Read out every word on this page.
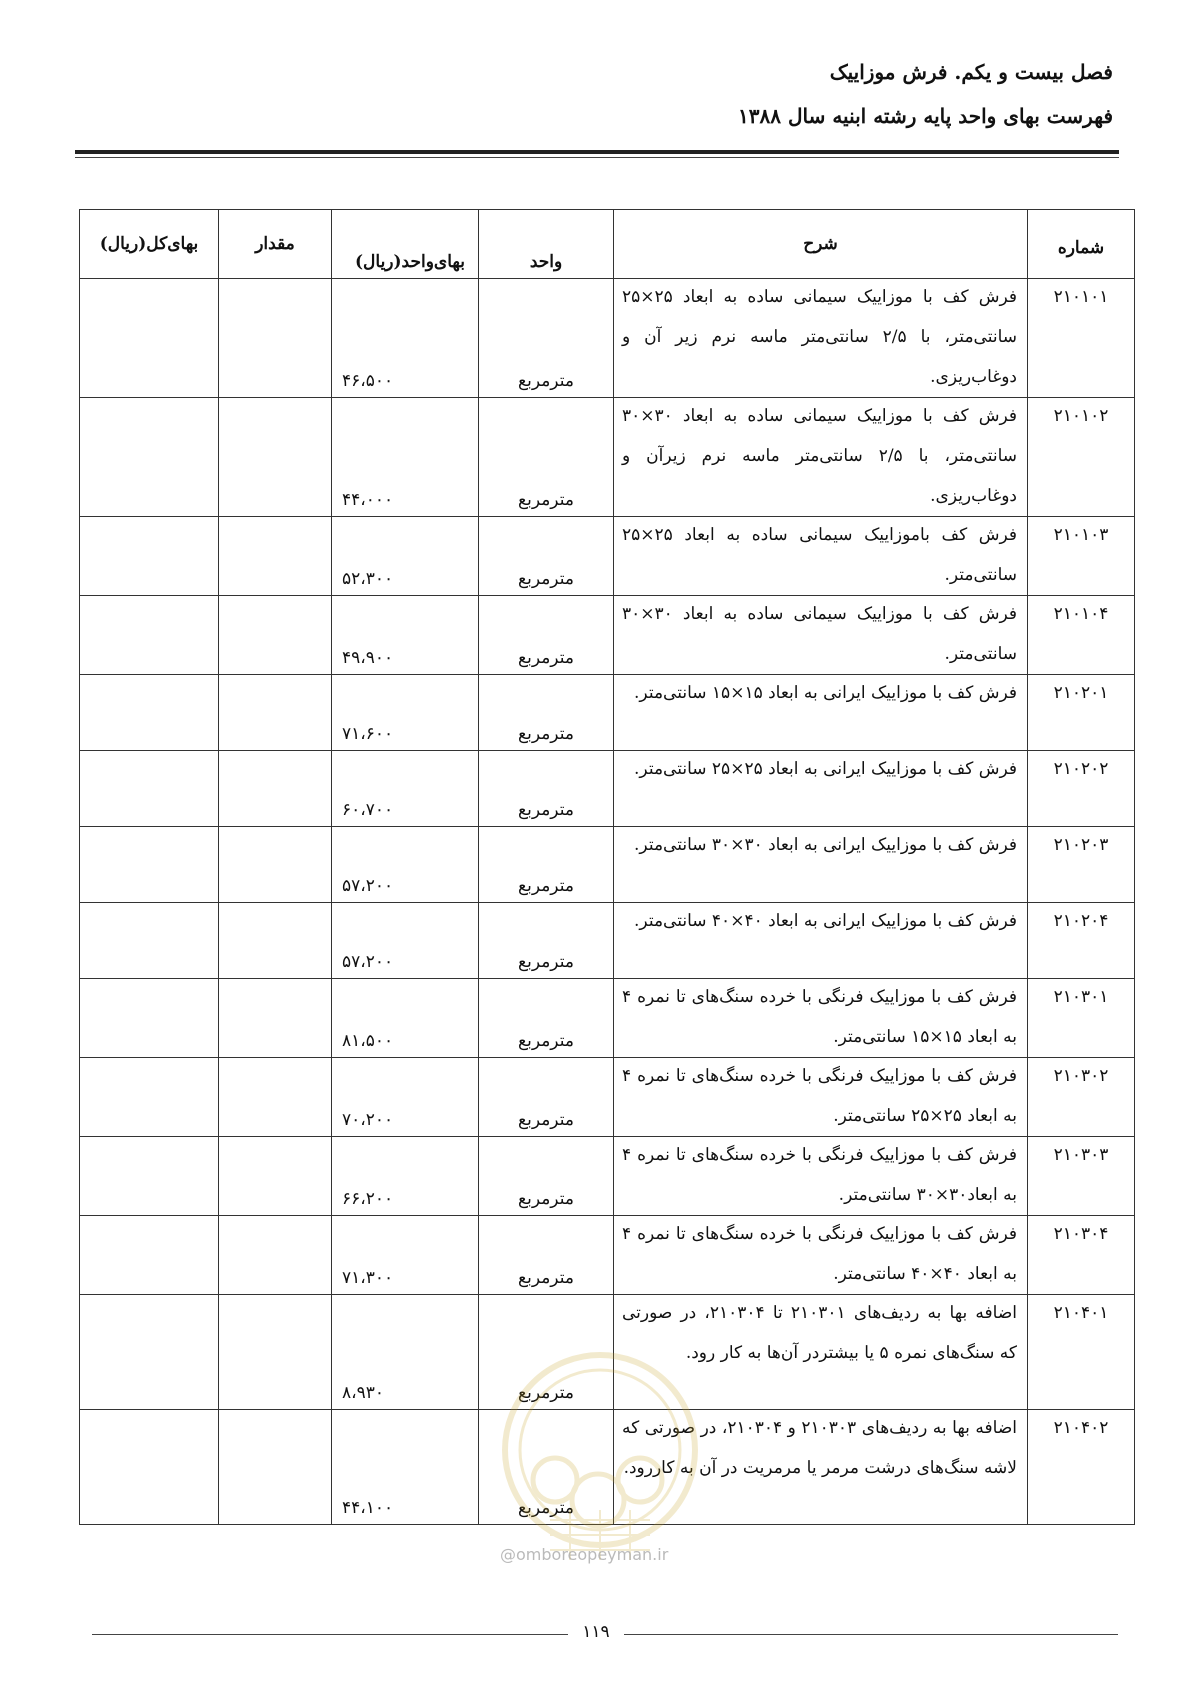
فصل بیست و یکم. فرش موزاییک
فهرست بهای واحد پایه رشته ابنیه سال ۱۳۸۸
شماره	شرح	واحد	بهای‌واحد(ریال)	مقدار	بهای‌کل(ریال)
۲۱۰۱۰۱	فرش کف با موزاییک سیمانی ساده به ابعاد ۲۵×۲۵ سانتی‌متر، با ۲/۵ سانتی‌متر ماسه نرم زیر آن و دوغاب‌ریزی.	مترمربع	۴۶،۵۰۰		
۲۱۰۱۰۲	فرش کف با موزاییک سیمانی ساده به ابعاد ۳۰×۳۰ سانتی‌متر، با ۲/۵ سانتی‌متر ماسه نرم زیرآن و دوغاب‌ریزی.	مترمربع	۴۴،۰۰۰		
۲۱۰۱۰۳	فرش کف باموزاییک سیمانی ساده به ابعاد ۲۵×۲۵ سانتی‌متر.	مترمربع	۵۲،۳۰۰		
۲۱۰۱۰۴	فرش کف با موزاییک سیمانی ساده به ابعاد ۳۰×۳۰ سانتی‌متر.	مترمربع	۴۹،۹۰۰		
۲۱۰۲۰۱	فرش کف با موزاییک ایرانی به ابعاد ۱۵×۱۵ سانتی‌متر.	مترمربع	۷۱،۶۰۰		
۲۱۰۲۰۲	فرش کف با موزاییک ایرانی به ابعاد ۲۵×۲۵ سانتی‌متر.	مترمربع	۶۰،۷۰۰		
۲۱۰۲۰۳	فرش کف با موزاییک ایرانی به ابعاد ۳۰×۳۰ سانتی‌متر.	مترمربع	۵۷،۲۰۰		
۲۱۰۲۰۴	فرش کف با موزاییک ایرانی به ابعاد ۴۰×۴۰ سانتی‌متر.	مترمربع	۵۷،۲۰۰		
۲۱۰۳۰۱	فرش کف با موزاییک فرنگی با خرده سنگ‌های تا نمره ۴ به ابعاد ۱۵×۱۵ سانتی‌متر.	مترمربع	۸۱،۵۰۰		
۲۱۰۳۰۲	فرش کف با موزاییک فرنگی با خرده سنگ‌های تا نمره ۴ به ابعاد ۲۵×۲۵ سانتی‌متر.	مترمربع	۷۰،۲۰۰		
۲۱۰۳۰۳	فرش کف با موزاییک فرنگی با خرده سنگ‌های تا نمره ۴ به ابعاد۳۰×۳۰ سانتی‌متر.	مترمربع	۶۶،۲۰۰		
۲۱۰۳۰۴	فرش کف با موزاییک فرنگی با خرده سنگ‌های تا نمره ۴ به ابعاد ۴۰×۴۰ سانتی‌متر.	مترمربع	۷۱،۳۰۰		
۲۱۰۴۰۱	اضافه بها به ردیف‌های ۲۱۰۳۰۱ تا ۲۱۰۳۰۴، در صورتی که سنگ‌های نمره ۵ یا بیشتردر آن‌ها به کار رود.	مترمربع	۸،۹۳۰		
۲۱۰۴۰۲	اضافه بها به ردیف‌های ۲۱۰۳۰۳ و ۲۱۰۳۰۴، در صورتی که لاشه سنگ‌های درشت مرمر یا مرمریت در آن به کاررود.	مترمربع	۴۴،۱۰۰		
@omboreopeyman.ir
۱۱۹
